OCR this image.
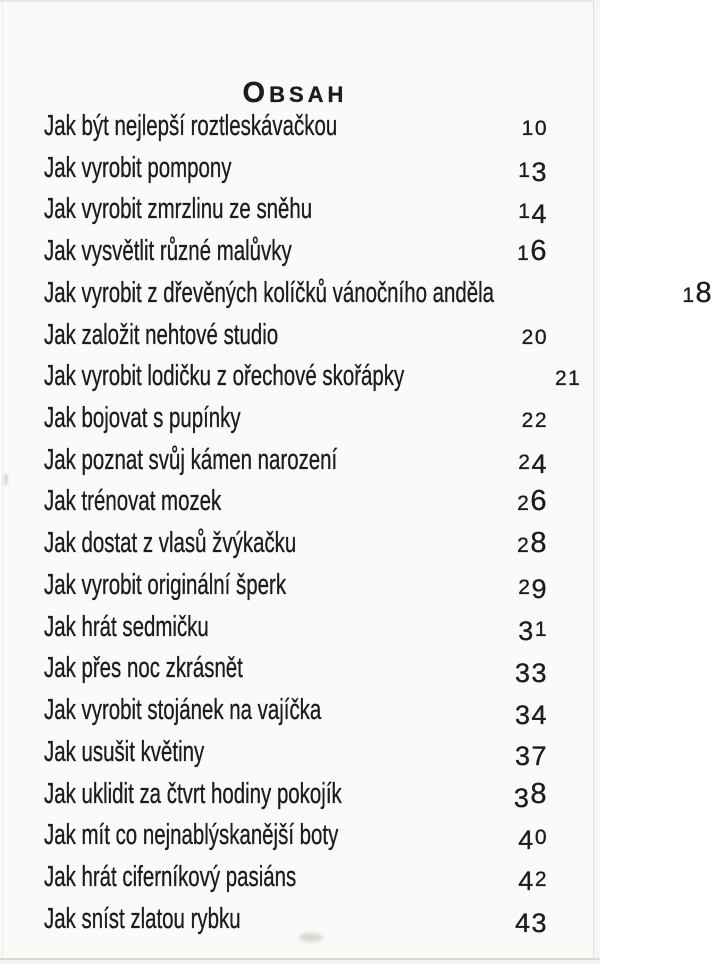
OBSAH
Jak být nejlepší roztleskávačkou	10
Jak vyrobit pompony	13
Jak vyrobit zmrzlinu ze sněhu	14
Jak vysvětlit různé malůvky	16
Jak vyrobit z dřevěných kolíčků vánočního anděla	18
Jak založit nehtové studio	20
Jak vyrobit lodičku z ořechové skořápky	21
Jak bojovat s pupínky	22
Jak poznat svůj kámen narození	24
Jak trénovat mozek	26
Jak dostat z vlasů žvýkačku	28
Jak vyrobit originální šperk	29
Jak hrát sedmičku	31
Jak přes noc zkrásnět	33
Jak vyrobit stojánek na vajíčka	34
Jak usušit květiny	37
Jak uklidit za čtvrt hodiny pokojík	38
Jak mít co nejnablýskanější boty	40
Jak hrát ciferníkový pasiáns	42
Jak sníst zlatou rybku	43
